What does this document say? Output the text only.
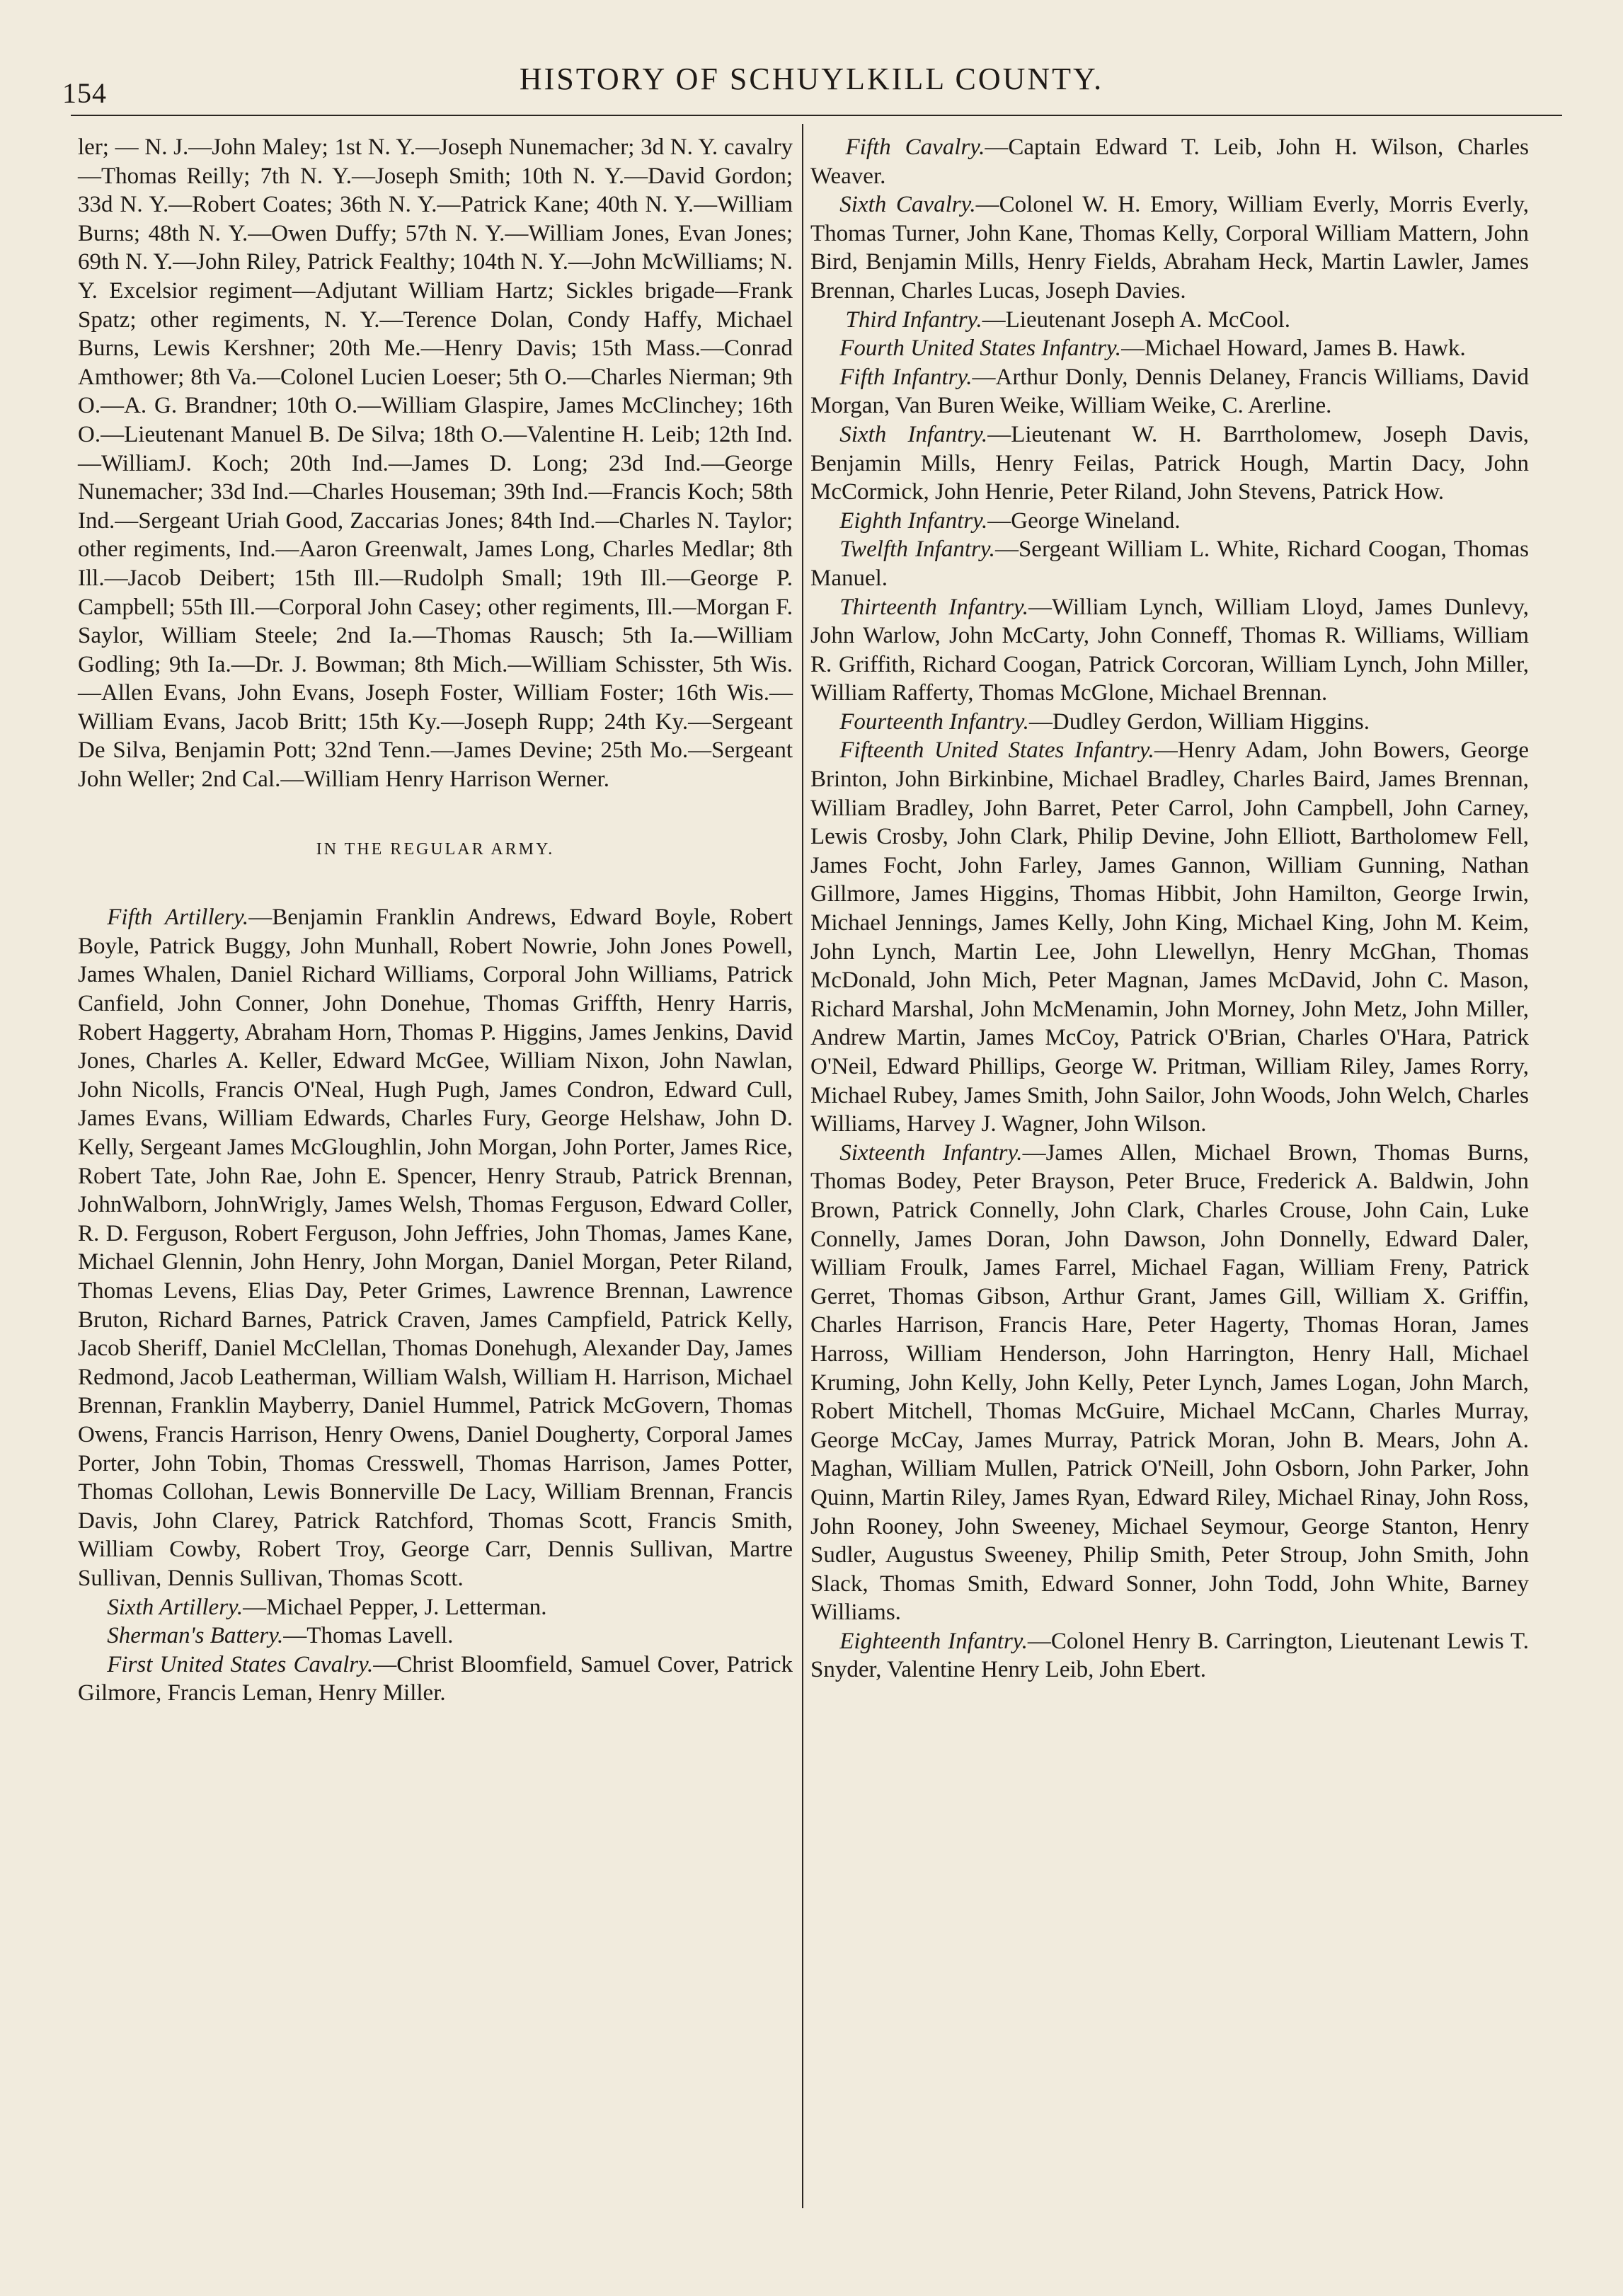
154	HISTORY OF SCHUYLKILL COUNTY.

ler; — N. J.—John Maley; 1st N. Y.—Joseph Nunemacher; 3d N. Y. cavalry—Thomas Reilly; 7th N. Y.—Joseph Smith; 10th N. Y.—David Gordon; 33d N. Y.—Robert Coates; 36th N. Y.—Patrick Kane; 40th N. Y.—William Burns; 48th N. Y.—Owen Duffy; 57th N. Y.—William Jones, Evan Jones; 69th N. Y.—John Riley, Patrick Fealthy; 104th N. Y.—John McWilliams; N. Y. Excelsior regiment—Adjutant William Hartz; Sickles brigade—Frank Spatz; other regiments, N. Y.—Terence Dolan, Condy Haffy, Michael Burns, Lewis Kershner; 20th Me.—Henry Davis; 15th Mass.—Conrad Amthower; 8th Va.—Colonel Lucien Loeser; 5th O.—Charles Nierman; 9th O.—A. G. Brandner; 10th O.—William Glaspire, James McClinchey; 16th O.—Lieutenant Manuel B. De Silva; 18th O.—Valentine H. Leib; 12th Ind.—WilliamJ. Koch; 20th Ind.—James D. Long; 23d Ind.—George Nunemacher; 33d Ind.—Charles Houseman; 39th Ind.—Francis Koch; 58th Ind.—Sergeant Uriah Good, Zaccarias Jones; 84th Ind.—Charles N. Taylor; other regiments, Ind.—Aaron Greenwalt, James Long, Charles Medlar; 8th Ill.—Jacob Deibert; 15th Ill.—Rudolph Small; 19th Ill.—George P. Campbell; 55th Ill.—Corporal John Casey; other regiments, Ill.—Morgan F. Saylor, William Steele; 2nd Ia.—Thomas Rausch; 5th Ia.—William Godling; 9th Ia.—Dr. J. Bowman; 8th Mich.—William Schisster, 5th Wis.—Allen Evans, John Evans, Joseph Foster, William Foster; 16th Wis.—William Evans, Jacob Britt; 15th Ky.—Joseph Rupp; 24th Ky.—Sergeant De Silva, Benjamin Pott; 32nd Tenn.—James Devine; 25th Mo.—Sergeant John Weller; 2nd Cal.—William Henry Harrison Werner.

IN THE REGULAR ARMY.

Fifth Artillery.—Benjamin Franklin Andrews, Edward Boyle, Robert Boyle, Patrick Buggy, John Munhall, Robert Nowrie, John Jones Powell, James Whalen, Daniel Richard Williams, Corporal John Williams, Patrick Canfield, John Conner, John Donehue, Thomas Griffth, Henry Harris, Robert Haggerty, Abraham Horn, Thomas P. Higgins, James Jenkins, David Jones, Charles A. Keller, Edward McGee, William Nixon, John Nawlan, John Nicolls, Francis O'Neal, Hugh Pugh, James Condron, Edward Cull, James Evans, William Edwards, Charles Fury, George Helshaw, John D. Kelly, Sergeant James McGloughlin, John Morgan, John Porter, James Rice, Robert Tate, John Rae, John E. Spencer, Henry Straub, Patrick Brennan, JohnWalborn, JohnWrigly, James Welsh, Thomas Ferguson, Edward Coller, R. D. Ferguson, Robert Ferguson, John Jeffries, John Thomas, James Kane, Michael Glennin, John Henry, John Morgan, Daniel Morgan, Peter Riland, Thomas Levens, Elias Day, Peter Grimes, Lawrence Brennan, Lawrence Bruton, Richard Barnes, Patrick Craven, James Campfield, Patrick Kelly, Jacob Sheriff, Daniel McClellan, Thomas Donehugh, Alexander Day, James Redmond, Jacob Leatherman, William Walsh, William H. Harrison, Michael Brennan, Franklin Mayberry, Daniel Hummel, Patrick McGovern, Thomas Owens, Francis Harrison, Henry Owens, Daniel Dougherty, Corporal James Porter, John Tobin, Thomas Cresswell, Thomas Harrison, James Potter, Thomas Collohan, Lewis Bonnerville De Lacy, William Brennan, Francis Davis, John Clarey, Patrick Ratchford, Thomas Scott, Francis Smith, William Cowby, Robert Troy, George Carr, Dennis Sullivan, Martre Sullivan, Dennis Sullivan, Thomas Scott.

Sixth Artillery.—Michael Pepper, J. Letterman.

Sherman's Battery.—Thomas Lavell.

First United States Cavalry.—Christ Bloomfield, Samuel Cover, Patrick Gilmore, Francis Leman, Henry Miller.

Fifth Cavalry.—Captain Edward T. Leib, John H. Wilson, Charles Weaver.

Sixth Cavalry.—Colonel W. H. Emory, William Everly, Morris Everly, Thomas Turner, John Kane, Thomas Kelly, Corporal William Mattern, John Bird, Benjamin Mills, Henry Fields, Abraham Heck, Martin Lawler, James Brennan, Charles Lucas, Joseph Davies.

Third Infantry.—Lieutenant Joseph A. McCool.

Fourth United States Infantry.—Michael Howard, James B. Hawk.

Fifth Infantry.—Arthur Donly, Dennis Delaney, Francis Williams, David Morgan, Van Buren Weike, William Weike, C. Arerline.

Sixth Infantry.—Lieutenant W. H. Barrtholomew, Joseph Davis, Benjamin Mills, Henry Feilas, Patrick Hough, Martin Dacy, John McCormick, John Henrie, Peter Riland, John Stevens, Patrick How.

Eighth Infantry.—George Wineland.

Twelfth Infantry.—Sergeant William L. White, Richard Coogan, Thomas Manuel.

Thirteenth Infantry.—William Lynch, William Lloyd, James Dunlevy, John Warlow, John McCarty, John Conneff, Thomas R. Williams, William R. Griffith, Richard Coogan, Patrick Corcoran, William Lynch, John Miller, William Rafferty, Thomas McGlone, Michael Brennan.

Fourteenth Infantry.—Dudley Gerdon, William Higgins.

Fifteenth United States Infantry.—Henry Adam, John Bowers, George Brinton, John Birkinbine, Michael Bradley, Charles Baird, James Brennan, William Bradley, John Barret, Peter Carrol, John Campbell, John Carney, Lewis Crosby, John Clark, Philip Devine, John Elliott, Bartholomew Fell, James Focht, John Farley, James Gannon, William Gunning, Nathan Gillmore, James Higgins, Thomas Hibbit, John Hamilton, George Irwin, Michael Jennings, James Kelly, John King, Michael King, John M. Keim, John Lynch, Martin Lee, John Llewellyn, Henry McGhan, Thomas McDonald, John Mich, Peter Magnan, James McDavid, John C. Mason, Richard Marshal, John McMenamin, John Morney, John Metz, John Miller, Andrew Martin, James McCoy, Patrick O'Brian, Charles O'Hara, Patrick O'Neil, Edward Phillips, George W. Pritman, William Riley, James Rorry, Michael Rubey, James Smith, John Sailor, John Woods, John Welch, Charles Williams, Harvey J. Wagner, John Wilson.

Sixteenth Infantry.—James Allen, Michael Brown, Thomas Burns, Thomas Bodey, Peter Brayson, Peter Bruce, Frederick A. Baldwin, John Brown, Patrick Connelly, John Clark, Charles Crouse, John Cain, Luke Connelly, James Doran, John Dawson, John Donnelly, Edward Daler, William Froulk, James Farrel, Michael Fagan, William Freny, Patrick Gerret, Thomas Gibson, Arthur Grant, James Gill, William X. Griffin, Charles Harrison, Francis Hare, Peter Hagerty, Thomas Horan, James Harross, William Henderson, John Harrington, Henry Hall, Michael Kruming, John Kelly, John Kelly, Peter Lynch, James Logan, John March, Robert Mitchell, Thomas McGuire, Michael McCann, Charles Murray, George McCay, James Murray, Patrick Moran, John B. Mears, John A. Maghan, William Mullen, Patrick O'Neill, John Osborn, John Parker, John Quinn, Martin Riley, James Ryan, Edward Riley, Michael Rinay, John Ross, John Rooney, John Sweeney, Michael Seymour, George Stanton, Henry Sudler, Augustus Sweeney, Philip Smith, Peter Stroup, John Smith, John Slack, Thomas Smith, Edward Sonner, John Todd, John White, Barney Williams.

Eighteenth Infantry.—Colonel Henry B. Carrington, Lieutenant Lewis T. Snyder, Valentine Henry Leib, John Ebert.
